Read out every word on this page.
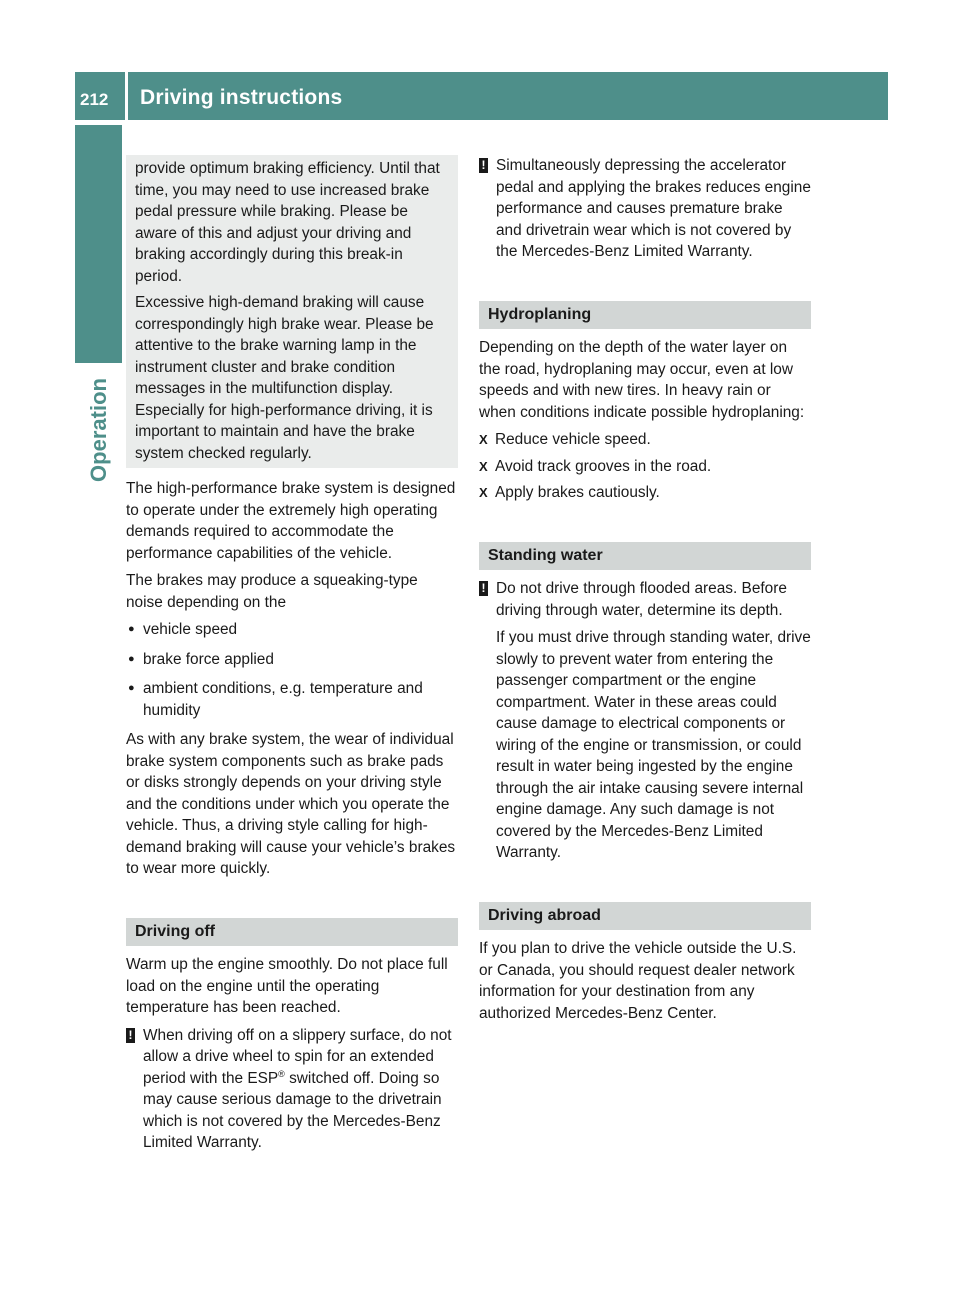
212	Driving instructions
Operation

provide optimum braking efficiency. Until that time, you may need to use increased brake pedal pressure while braking. Please be aware of this and adjust your driving and braking accordingly during this break-in period.

Excessive high-demand braking will cause correspondingly high brake wear. Please be attentive to the brake warning lamp in the instrument cluster and brake condition messages in the multifunction display. Especially for high-performance driving, it is important to maintain and have the brake system checked regularly.

The high-performance brake system is designed to operate under the extremely high operating demands required to accommodate the performance capabilities of the vehicle.

The brakes may produce a squeaking-type noise depending on the

● vehicle speed
● brake force applied
● ambient conditions, e.g. temperature and humidity

As with any brake system, the wear of individual brake system components such as brake pads or disks strongly depends on your driving style and the conditions under which you operate the vehicle. Thus, a driving style calling for high-demand braking will cause your vehicle’s brakes to wear more quickly.

Driving off

Warm up the engine smoothly. Do not place full load on the engine until the operating temperature has been reached.

! When driving off on a slippery surface, do not allow a drive wheel to spin for an extended period with the ESP® switched off. Doing so may cause serious damage to the drivetrain which is not covered by the Mercedes-Benz Limited Warranty.

! Simultaneously depressing the accelerator pedal and applying the brakes reduces engine performance and causes premature brake and drivetrain wear which is not covered by the Mercedes-Benz Limited Warranty.

Hydroplaning

Depending on the depth of the water layer on the road, hydroplaning may occur, even at low speeds and with new tires. In heavy rain or when conditions indicate possible hydroplaning:

X Reduce vehicle speed.
X Avoid track grooves in the road.
X Apply brakes cautiously.
Standing water
! Do not drive through flooded areas. Before driving through water, determine its depth.

If you must drive through standing water, drive slowly to prevent water from entering the passenger compartment or the engine compartment. Water in these areas could cause damage to electrical components or wiring of the engine or transmission, or could result in water being ingested by the engine through the air intake causing severe internal engine damage. Any such damage is not covered by the Mercedes-Benz Limited Warranty.

Driving abroad

If you plan to drive the vehicle outside the U.S. or Canada, you should request dealer network information for your destination from any authorized Mercedes-Benz Center.
